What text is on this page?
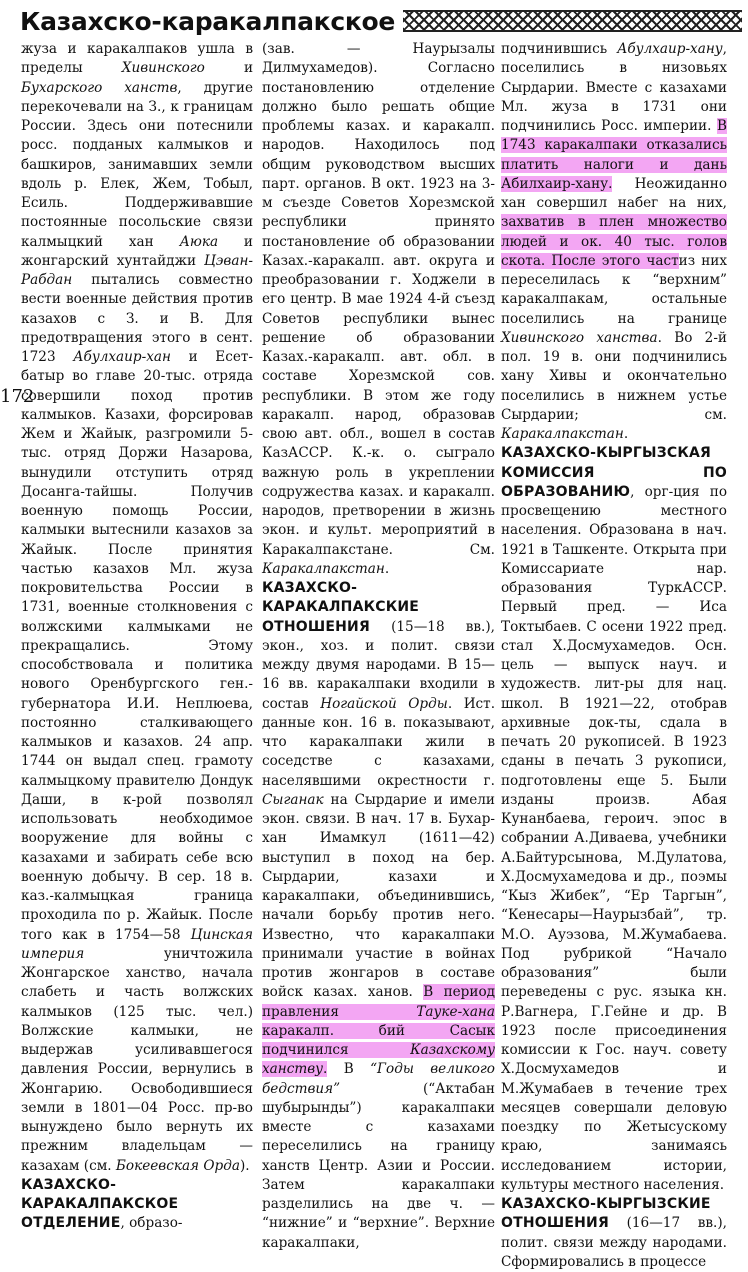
Казахско-каракалпакское
172

жуза и каракалпаков ушла в пределы Хивинского и Бухарского ханств, другие перекочевали на З., к границам России. Здесь они потеснили росс. подданых калмыков и башкиров, занимавших земли вдоль р. Елек, Жем, Тобыл, Есиль. Поддерживавшие постоянные посольские связи калмыцкий хан Аюка и жонгарский хунтайджи Цэван-Рабдан пытались совместно вести военные действия против казахов с З. и В. Для предотвращения этого в сент. 1723 Абулхаир-хан и Есет-батыр во главе 20-тыс. отряда совершили поход против калмыков. Казахи, форсировав Жем и Жайык, разгромили 5-тыс. отряд Доржи Назарова, вынудили отступить отряд Досанга-тайшы. Получив военную помощь России, калмыки вытеснили казахов за Жайык. После принятия частью казахов Мл. жуза покровительства России в 1731, военные столкновения с волжскими калмыками не прекращались. Этому способствовала и политика нового Оренбургского ген.-губернатора И.И. Неплюева, постоянно сталкивающего калмыков и казахов. 24 апр. 1744 он выдал спец. грамоту калмыцкому правителю Дондук Даши, в к-рой позволял использовать необходимое вооружение для войны с казахами и забирать себе всю военную добычу. В сер. 18 в. каз.-калмыцкая граница проходила по р. Жайык. После того как в 1754—58 Цинская империя уничтожила Жонгарское ханство, начала слабеть и часть волжских калмыков (125 тыс. чел.) Волжские калмыки, не выдержав усиливавшегося давления России, вернулись в Жонгарию. Освободившиеся земли в 1801—04 Росс. пр-во вынуждено было вернуть их прежним владельцам — казахам (см. Бокеевская Орда).

КАЗАХСКО-КАРАКАЛПАКСКОЕ ОТДЕЛЕНИЕ, образо-

(зав. — Наурызалы Дилмухамедов). Согласно постановлению отделение должно было решать общие проблемы казах. и каракалп. народов. Находилось под общим руководством высших парт. органов. В окт. 1923 на 3-м съезде Советов Хорезмской республики принято постановление об образовании Казах.-каракалп. авт. округа и преобразовании г. Ходжели в его центр. В мае 1924 4-й съезд Советов республики вынес решение об образовании Казах.-каракалп. авт. обл. в составе Хорезмской сов. республики. В этом же году каракалп. народ, образовав свою авт. обл., вошел в состав КазАССР. К.-к. о. сыграло важную роль в укреплении содружества казах. и каракалп. народов, претворении в жизнь экон. и культ. мероприятий в Каракалпакстане. См. Каракалпакстан.

КАЗАХСКО-КАРАКАЛПАКСКИЕ ОТНОШЕНИЯ (15—18 вв.), экон., хоз. и полит. связи между двумя народами. В 15—16 вв. каракалпаки входили в состав Ногайской Орды. Ист. данные кон. 16 в. показывают, что каракалпаки жили в соседстве с казахами, населявшими окрестности г. Сыганак на Сырдарие и имели экон. связи. В нач. 17 в. Бухар-хан Имамкул (1611—42) выступил в поход на бер. Сырдарии, казахи и каракалпаки, объединившись, начали борьбу против него. Известно, что каракалпаки принимали участие в войнах против жонгаров в составе войск казах. ханов. В период правления Тауке-хана каракалп. бий Сасык подчинился Казахскому ханству. В “Годы великого бедствия” (“Актабан шубырынды”) каракалпаки вместе с казахами переселились на границу ханств Центр. Азии и России. Затем каракалпаки разделились на две ч. — “нижние” и “верхние”. Верхние каракалпаки,

подчинившись Абулхаир-хану, поселились в низовьях Сырдарии. Вместе с казахами Мл. жуза в 1731 они подчинились Росс. империи. В 1743 каракалпаки отказались платить налоги и дань Абилхаир-хану. Неожиданно хан совершил набег на них, захватив в плен множество людей и ок. 40 тыс. голов скота. После этого частиз них переселилась к “верхним” каракалпакам, остальные поселились на границе Хивинского ханства. Во 2-й пол. 19 в. они подчинились хану Хивы и окончательно поселились в нижнем устье Сырдарии; см. Каракалпакстан.

КАЗАХСКО-КЫРГЫЗСКАЯ КОМИССИЯ ПО ОБРАЗОВАНИЮ, орг-ция по просвещению местного населения. Образована в нач. 1921 в Ташкенте. Открыта при Комиссариате нар. образования ТуркАССР. Первый пред. — Иса Токтыбаев. С осени 1922 пред. стал Х.Досмухамедов. Осн. цель — выпуск науч. и художеств. лит-ры для нац. школ. В 1921—22, отобрав архивные док-ты, сдала в печать 20 рукописей. В 1923 сданы в печать 3 рукописи, подготовлены еще 5. Были изданы произв. Абая Кунанбаева, героич. эпос в собрании А.Диваева, учебники А.Байтурсынова, М.Дулатова, Х.Досмухамедова и др., поэмы “Кыз Жибек”, “Ер Таргын”, “Кенесары—Наурызбай”, тр. М.О. Ауэзова, М.Жумабаева. Под рубрикой “Начало образования” были переведены с рус. языка кн. Р.Вагнера, Г.Гейне и др. В 1923 после присоединения комиссии к Гос. науч. совету Х.Досмухамедов и М.Жумабаев в течение трех месяцев совершали деловую поездку по Жетысускому краю, занимаясь исследованием истории, культуры местного населения.

КАЗАХСКО-КЫРГЫЗСКИЕ ОТНОШЕНИЯ (16—17 вв.), полит. связи между народами. Сформировались в процессе
